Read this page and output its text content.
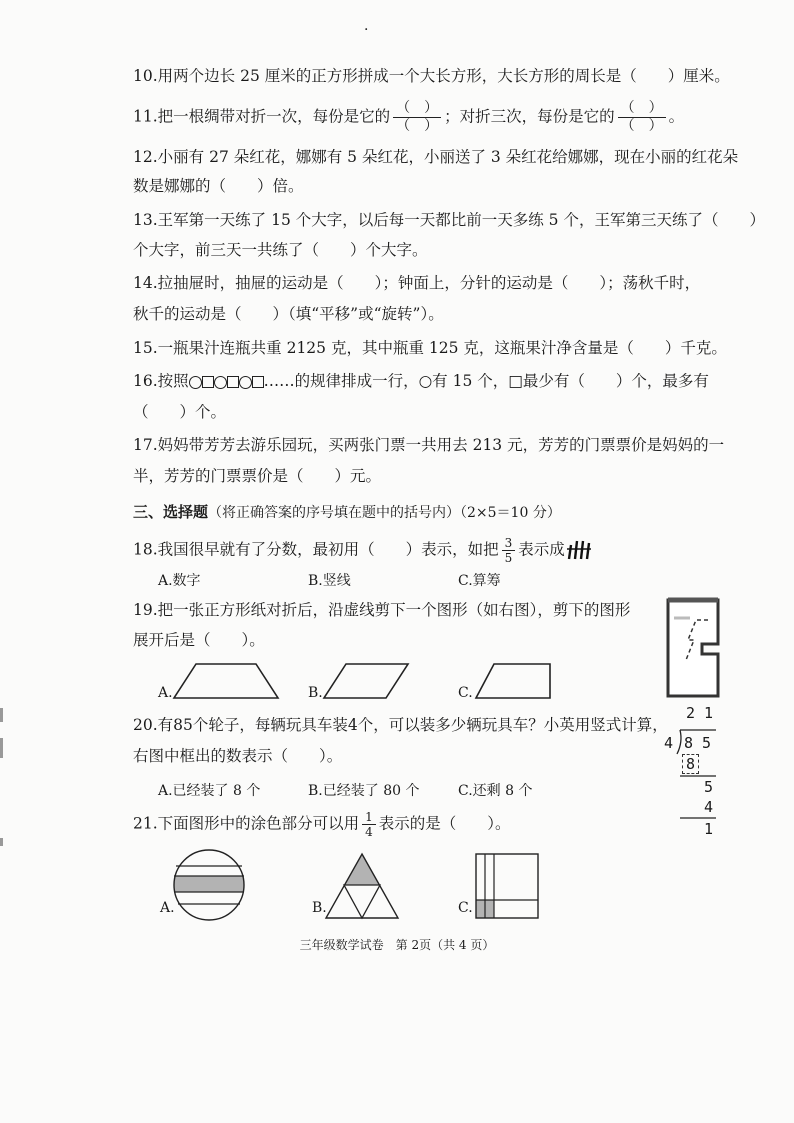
·
10.用两个边长 25 厘米的正方形拼成一个大长方形，大长方形的周长是（　　）厘米。
11.把一根绸带对折一次，每份是它的 $\frac{( )}{( )}$ ；对折三次，每份是它的 $\frac{( )}{( )}$ 。
12.小丽有 27 朵红花，娜娜有 5 朵红花，小丽送了 3 朵红花给娜娜，现在小丽的红花朵
数是娜娜的（　　）倍。
13.王军第一天练了 15 个大字，以后每一天都比前一天多练 5 个，王军第三天练了（　　）
个大字，前三天一共练了（　　）个大字。
14.拉抽屉时，抽屉的运动是（　　）；钟面上，分针的运动是（　　）；荡秋千时，
秋千的运动是（　　）（填“平移”或“旋转”）。
15.一瓶果汁连瓶共重 2125 克，其中瓶重 125 克，这瓶果汁净含量是（　　）千克。
16.按照	……的规律排成一行，○有 15 个，□最少有（　　）个，最多有
（　　）个。
17.妈妈带芳芳去游乐园玩，买两张门票一共用去 213 元，芳芳的门票票价是妈妈的一
半，芳芳的门票票价是（　　）元。
三、选择题（将正确答案的序号填在题中的括号内）（2×5＝10 分）
18.我国很早就有了分数，最初用（　　）表示，如把 $\frac{3}{5}$ 表示成
A.数字	B.竖线	C.算筹
19.把一张正方形纸对折后，沿虚线剪下一个图形（如右图），剪下的图形
展开后是（　　）。
A.	B.	C.
20.有85个轮子，每辆玩具车装4个，可以装多少辆玩具车？小英用竖式计算，
右图中框出的数表示（　　）。
A.已经装了 8 个	B.已经装了 80 个	C.还剩 8 个
2 1
4 8 5
8
5
4
1
21.下面图形中的涂色部分可以用 $\frac{1}{4}$ 表示的是（　　）。
A.	B.	C.
三年级数学试卷　第 2页（共 4 页）
